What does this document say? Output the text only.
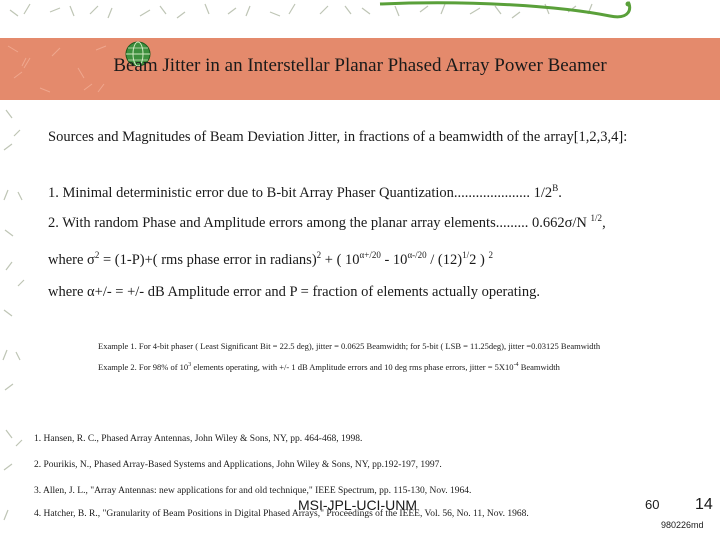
Beam Jitter in an Interstellar Planar Phased Array Power Beamer
Sources and Magnitudes of Beam Deviation Jitter, in fractions of a beamwidth of the array[1,2,3,4]:
1. Minimal deterministic error due to B-bit Array Phaser Quantization..................... $1/2^B$.
2. With random Phase and Amplitude errors among the planar array elements......... 0.662σ/N $^{1/2}$,
where $\sigma^2 = (1-P)+$( rms phase error in radians)$^2$ + ( $10^{\alpha+/20} - 10^{\alpha-/20} / (12)^{1/}2$ ) $^2$
where α+/- = +/- dB Amplitude error and P = fraction of elements actually operating.
Example 1. For 4-bit phaser ( Least Significant Bit = 22.5 deg), jitter = 0.0625 Beamwidth; for 5-bit ( LSB = 11.25deg), jitter =0.03125 Beamwidth
Example 2. For 98% of $10^3$ elements operating, with +/- 1 dB Amplitude errors and 10 deg rms phase errors, jitter = $5X10^{-4}$ Beamwidth
1. Hansen, R. C., Phased Array Antennas, John Wiley & Sons, NY, pp. 464-468, 1998.
2. Pourikis, N., Phased Array-Based Systems and Applications, John Wiley & Sons, NY, pp.192-197, 1997.
3. Allen, J. L., "Array Antennas: new applications for and old technique," IEEE Spectrum, pp. 115-130, Nov. 1964.
4. Hatcher, B. R., "Granularity of Beam Positions in Digital Phased Arrays," Proceedings of the IEEE, Vol. 56, No. 11, Nov. 1968.
MSI-JPL-UCI-UNM	60 14
980226md
